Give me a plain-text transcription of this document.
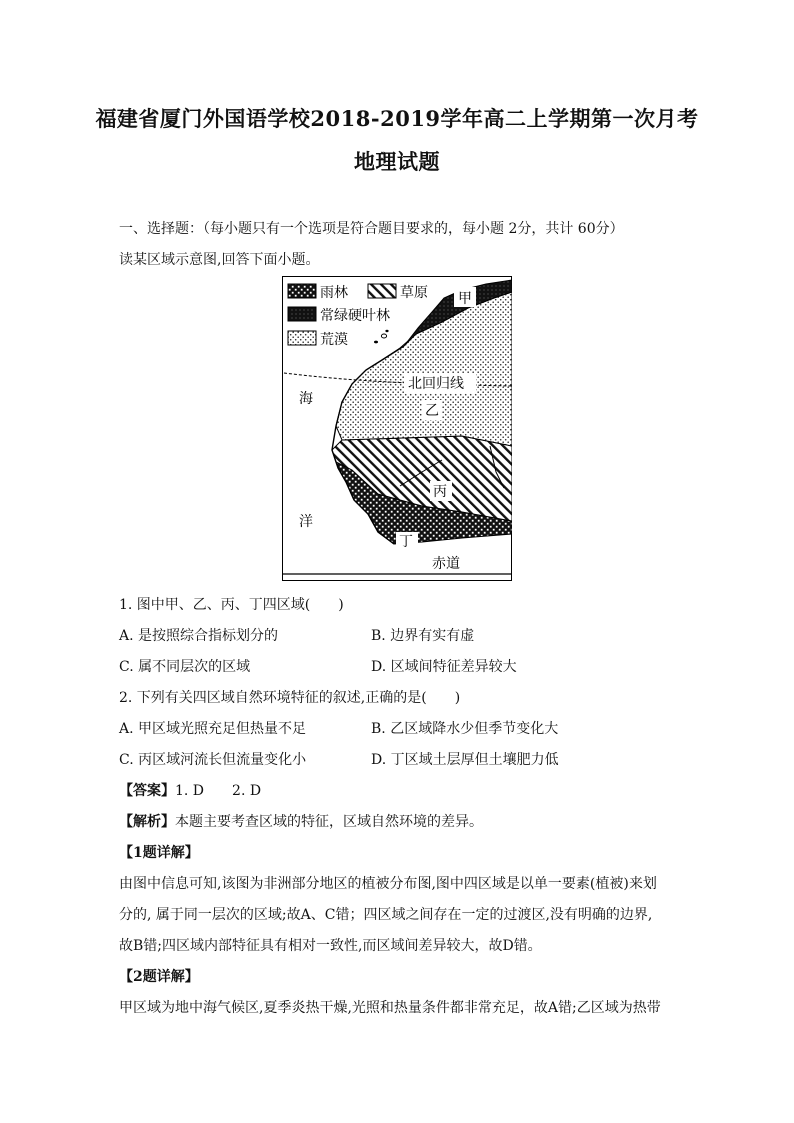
福建省厦门外国语学校2018-2019学年高二上学期第一次月考
地理试题
一、选择题：（每小题只有一个选项是符合题目要求的，每小题 2分，共计 60分）
读某区域示意图,回答下面小题。
雨林	草原
常绿硬叶林
荒漠
甲
北回归线
乙
丙
丁
海
洋
赤道
1. 图中甲、乙、丙、丁四区域(　　)
A. 是按照综合指标划分的	B. 边界有实有虚
C. 属不同层次的区域	D. 区域间特征差异较大
2. 下列有关四区域自然环境特征的叙述,正确的是(　　)
A. 甲区域光照充足但热量不足	B. 乙区域降水少但季节变化大
C. 丙区域河流长但流量变化小	D. 丁区域土层厚但土壤肥力低
【答案】1. D　　2. D
【解析】本题主要考查区域的特征，区域自然环境的差异。
【1题详解】
由图中信息可知,该图为非洲部分地区的植被分布图,图中四区域是以单一要素(植被)来划
分的, 属于同一层次的区域;故A、C错；四区域之间存在一定的过渡区,没有明确的边界,
故B错;四区域内部特征具有相对一致性,而区域间差异较大，故D错。
【2题详解】
甲区域为地中海气候区,夏季炎热干燥,光照和热量条件都非常充足，故A错;乙区域为热带
